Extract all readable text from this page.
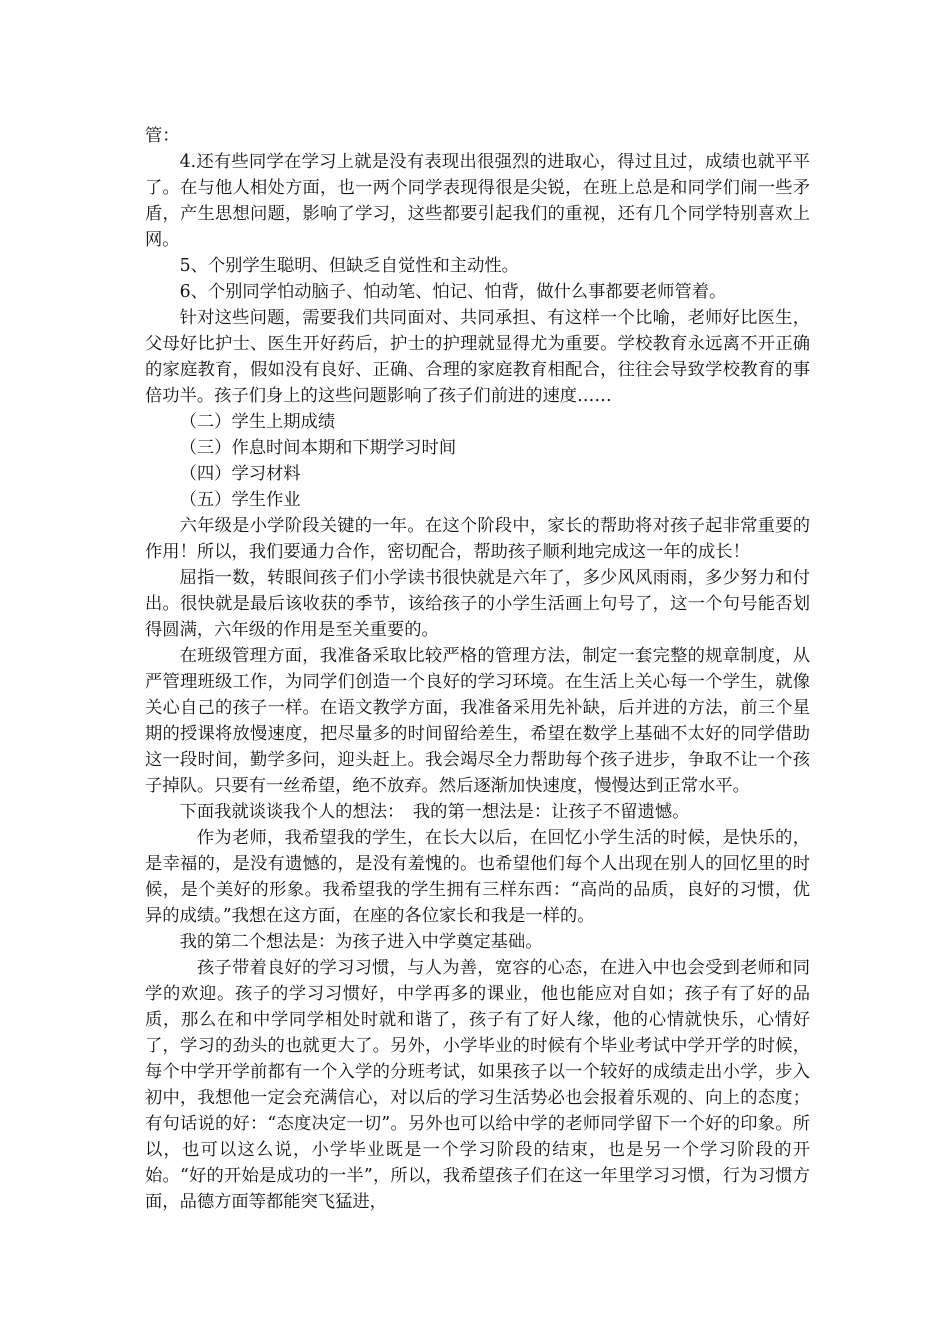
管：

4.还有些同学在学习上就是没有表现出很强烈的进取心，得过且过，成绩也就平平了。在与他人相处方面，也一两个同学表现得很是尖锐，在班上总是和同学们闹一些矛盾，产生思想问题，影响了学习，这些都要引起我们的重视，还有几个同学特别喜欢上网。

5、个别学生聪明、但缺乏自觉性和主动性。

6、个别同学怕动脑子、怕动笔、怕记、怕背，做什么事都要老师管着。

针对这些问题，需要我们共同面对、共同承担、有这样一个比喻，老师好比医生，父母好比护士、医生开好药后，护士的护理就显得尤为重要。学校教育永远离不开正确的家庭教育，假如没有良好、正确、合理的家庭教育相配合，往往会导致学校教育的事倍功半。孩子们身上的这些问题影响了孩子们前进的速度……

（二）学生上期成绩

（三）作息时间本期和下期学习时间

（四）学习材料

（五）学生作业

六年级是小学阶段关键的一年。在这个阶段中，家长的帮助将对孩子起非常重要的作用！所以，我们要通力合作，密切配合，帮助孩子顺利地完成这一年的成长！

屈指一数，转眼间孩子们小学读书很快就是六年了，多少风风雨雨，多少努力和付出。很快就是最后该收获的季节，该给孩子的小学生活画上句号了，这一个句号能否划得圆满，六年级的作用是至关重要的。

在班级管理方面，我准备采取比较严格的管理方法，制定一套完整的规章制度，从严管理班级工作，为同学们创造一个良好的学习环境。在生活上关心每一个学生，就像关心自己的孩子一样。在语文教学方面，我准备采用先补缺，后并进的方法，前三个星期的授课将放慢速度，把尽量多的时间留给差生，希望在数学上基础不太好的同学借助这一段时间，勤学多问，迎头赶上。我会竭尽全力帮助每个孩子进步，争取不让一个孩子掉队。只要有一丝希望，绝不放弃。然后逐渐加快速度，慢慢达到正常水平。

下面我就谈谈我个人的想法：　我的第一想法是：让孩子不留遗憾。

作为老师，我希望我的学生，在长大以后，在回忆小学生活的时候，是快乐的，是幸福的，是没有遗憾的，是没有羞愧的。也希望他们每个人出现在别人的回忆里的时候，是个美好的形象。我希望我的学生拥有三样东西：“高尚的品质，良好的习惯，优异的成绩。”我想在这方面，在座的各位家长和我是一样的。

我的第二个想法是：为孩子进入中学奠定基础。

孩子带着良好的学习习惯，与人为善，宽容的心态，在进入中也会受到老师和同学的欢迎。孩子的学习习惯好，中学再多的课业，他也能应对自如；孩子有了好的品质，那么在和中学同学相处时就和谐了，孩子有了好人缘，他的心情就快乐，心情好了，学习的劲头的也就更大了。另外，小学毕业的时候有个毕业考试中学开学的时候，每个中学开学前都有一个入学的分班考试，如果孩子以一个较好的成绩走出小学，步入初中，我想他一定会充满信心，对以后的学习生活势必也会报着乐观的、向上的态度；有句话说的好：“态度决定一切”。另外也可以给中学的老师同学留下一个好的印象。所以，也可以这么说，小学毕业既是一个学习阶段的结束，也是另一个学习阶段的开始。“好的开始是成功的一半”，所以，我希望孩子们在这一年里学习习惯，行为习惯方面，品德方面等都能突飞猛进，
